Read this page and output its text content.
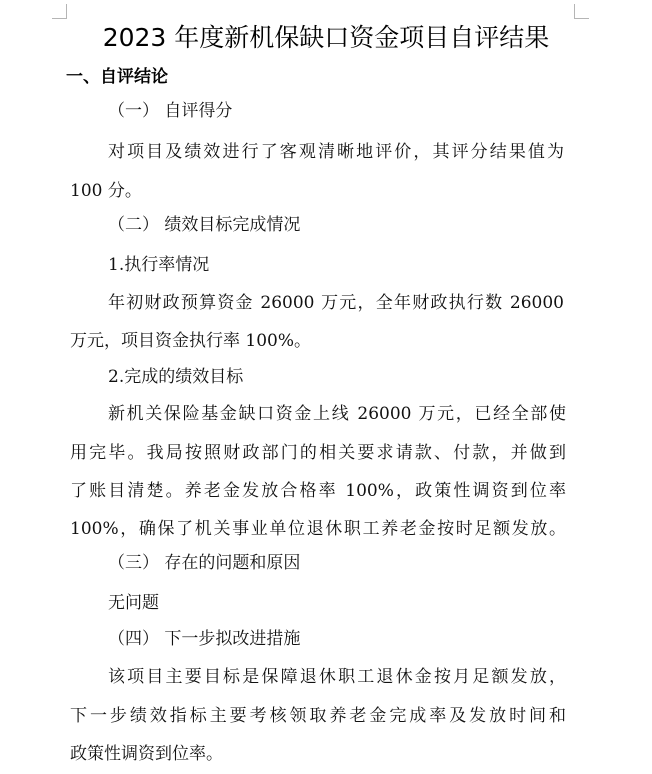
2023 年度新机保缺口资金项目自评结果
一、自评结论
（一） 自评得分
对项目及绩效进行了客观清晰地评价，其评分结果值为
100 分。
（二） 绩效目标完成情况
1.执行率情况
年初财政预算资金 26000 万元，全年财政执行数 26000
万元，项目资金执行率 100%。
2.完成的绩效目标
新机关保险基金缺口资金上线 26000 万元，已经全部使
用完毕。我局按照财政部门的相关要求请款、付款，并做到
了账目清楚。养老金发放合格率 100%，政策性调资到位率
100%，确保了机关事业单位退休职工养老金按时足额发放。
（三） 存在的问题和原因
无问题
（四） 下一步拟改进措施
该项目主要目标是保障退休职工退休金按月足额发放，
下一步绩效指标主要考核领取养老金完成率及发放时间和
政策性调资到位率。
